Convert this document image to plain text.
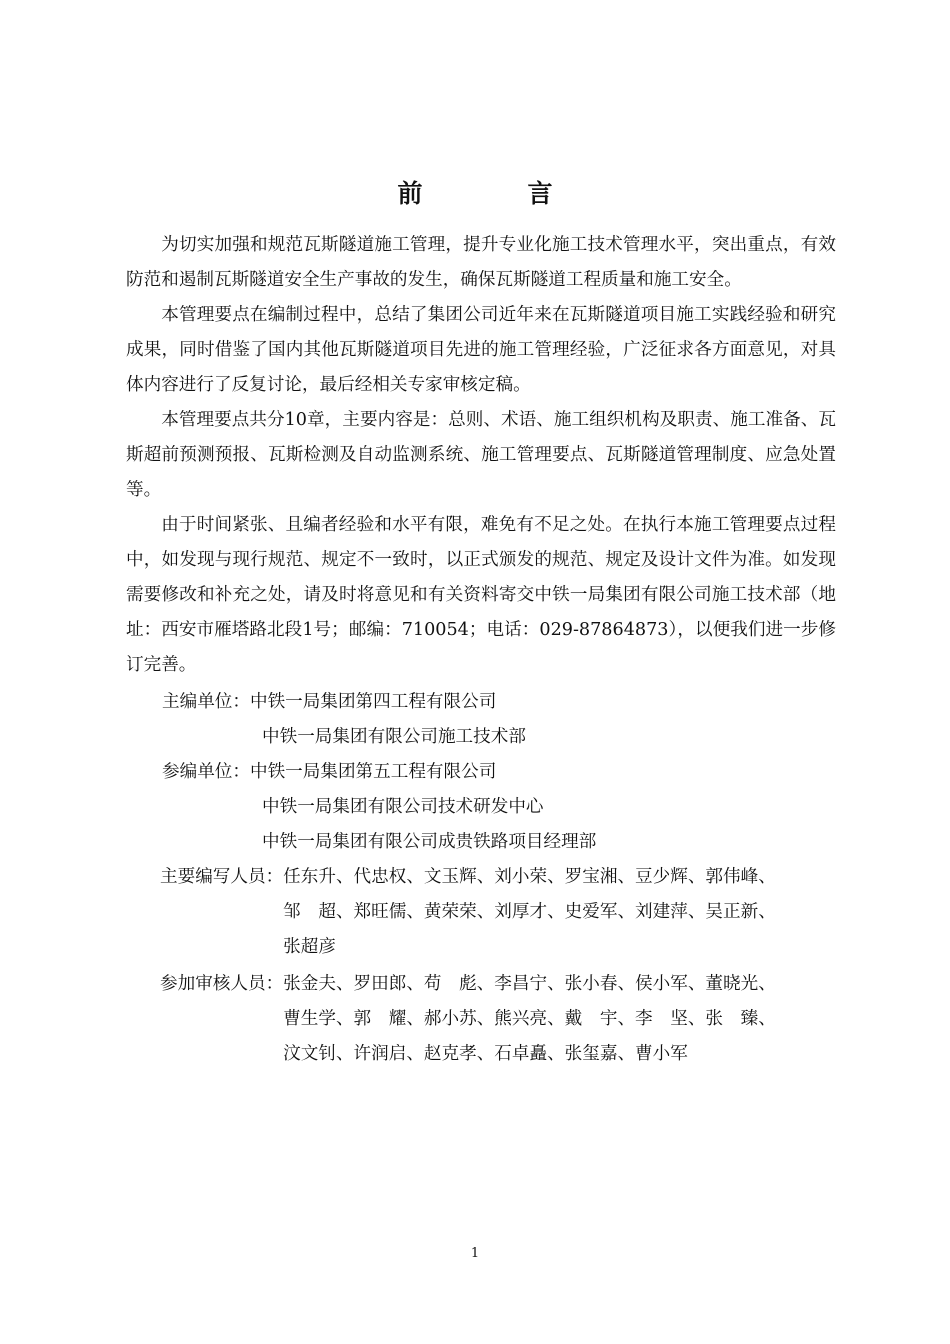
前　言

为切实加强和规范瓦斯隧道施工管理，提升专业化施工技术管理水平，突出重点，有效防范和遏制瓦斯隧道安全生产事故的发生，确保瓦斯隧道工程质量和施工安全。

本管理要点在编制过程中，总结了集团公司近年来在瓦斯隧道项目施工实践经验和研究成果，同时借鉴了国内其他瓦斯隧道项目先进的施工管理经验，广泛征求各方面意见，对具体内容进行了反复讨论，最后经相关专家审核定稿。

本管理要点共分10章，主要内容是：总则、术语、施工组织机构及职责、施工准备、瓦斯超前预测预报、瓦斯检测及自动监测系统、施工管理要点、瓦斯隧道管理制度、应急处置等。

由于时间紧张、且编者经验和水平有限，难免有不足之处。在执行本施工管理要点过程中，如发现与现行规范、规定不一致时，以正式颁发的规范、规定及设计文件为准。如发现需要修改和补充之处，请及时将意见和有关资料寄交中铁一局集团有限公司施工技术部（地址：西安市雁塔路北段1号；邮编：710054；电话：029-87864873），以便我们进一步修订完善。

主编单位： 中铁一局集团第四工程有限公司
中铁一局集团有限公司施工技术部
参编单位： 中铁一局集团第五工程有限公司
中铁一局集团有限公司技术研发中心
中铁一局集团有限公司成贵铁路项目经理部
主要编写人员： 任东升、代忠权、文玉辉、刘小荣、罗宝湘、豆少辉、郭伟峰、
邹　超、郑旺儒、黄荣荣、刘厚才、史爱军、刘建萍、吴正新、
张超彦
参加审核人员： 张金夫、罗田郎、苟　彪、李昌宁、张小春、侯小军、董晓光、
曹生学、郭　耀、郝小苏、熊兴亮、戴　宇、李　坚、张　臻、
汶文钊、许润启、赵克孝、石卓矗、张玺嘉、曹小军
1
